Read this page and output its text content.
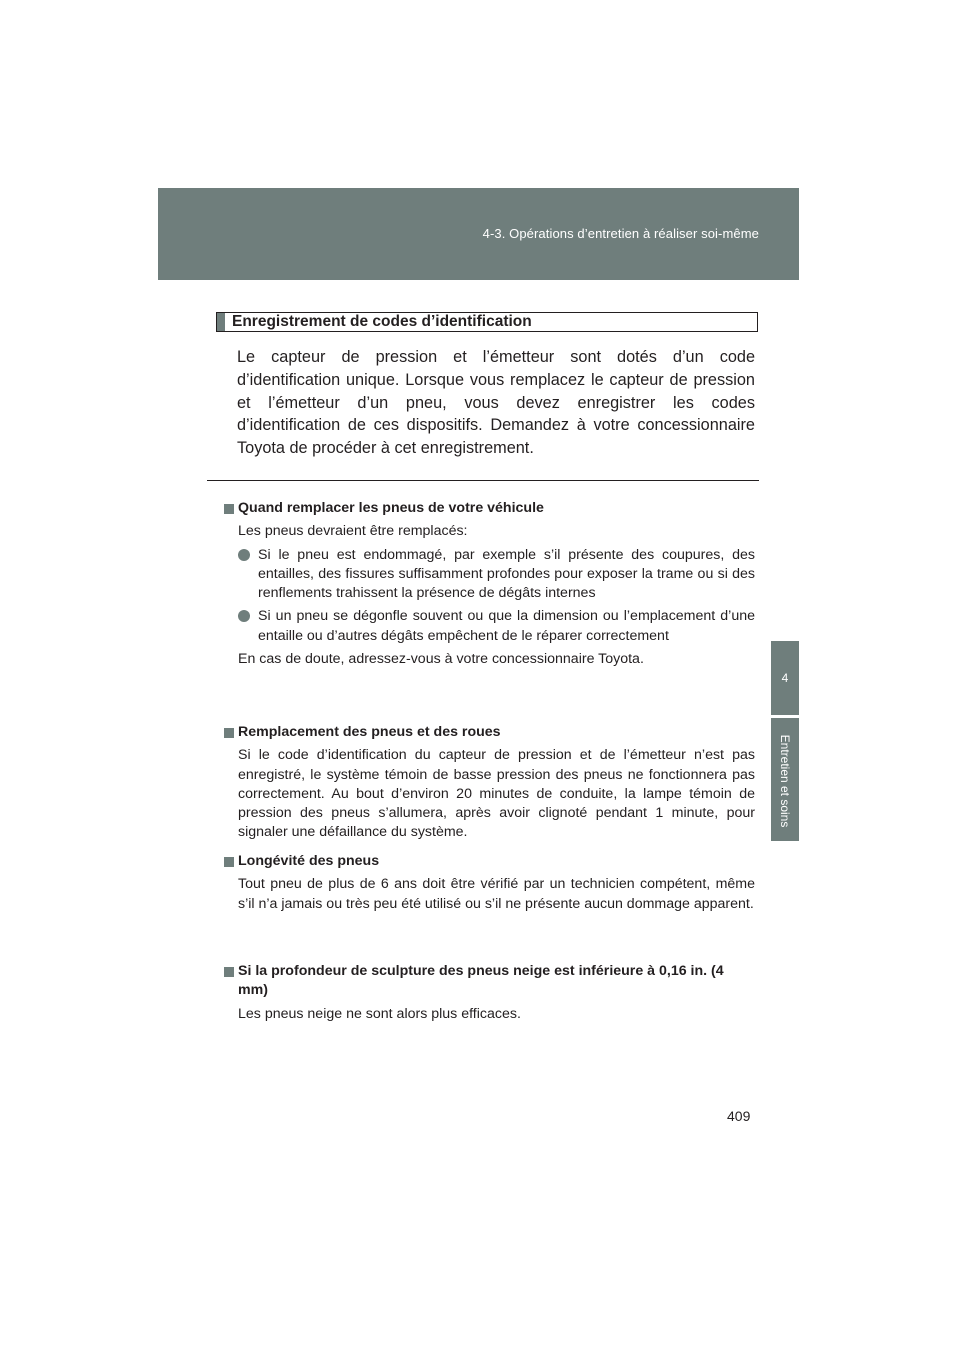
4-3. Opérations d’entretien à réaliser soi-même
4
Entretien et soins
Enregistrement de codes d’identification

Le capteur de pression et l’émetteur sont dotés d’un code d’identification unique. Lorsque vous remplacez le capteur de pression et l’émetteur d’un pneu, vous devez enregistrer les codes d’identification de ces dispositifs. Demandez à votre concessionnaire Toyota de procéder à cet enregistrement.

Quand remplacer les pneus de votre véhicule
Les pneus devraient être remplacés:
Si le pneu est endommagé, par exemple s’il présente des coupures, des entailles, des fissures suffisamment profondes pour exposer la trame ou si des renflements trahissent la présence de dégâts internes
Si un pneu se dégonfle souvent ou que la dimension ou l’emplacement d’une entaille ou d’autres dégâts empêchent de le réparer correctement
En cas de doute, adressez-vous à votre concessionnaire Toyota.
Remplacement des pneus et des roues
Si le code d’identification du capteur de pression et de l’émetteur n’est pas enregistré, le système témoin de basse pression des pneus ne fonctionnera pas correctement. Au bout d’environ 20 minutes de conduite, la lampe témoin de pression des pneus s’allumera, après avoir clignoté pendant 1 minute, pour signaler une défaillance du système.
Longévité des pneus
Tout pneu de plus de 6 ans doit être vérifié par un technicien compétent, même s’il n’a jamais ou très peu été utilisé ou s’il ne présente aucun dommage apparent.
Si la profondeur de sculpture des pneus neige est inférieure à 0,16 in. (4 mm)
Les pneus neige ne sont alors plus efficaces.
409
